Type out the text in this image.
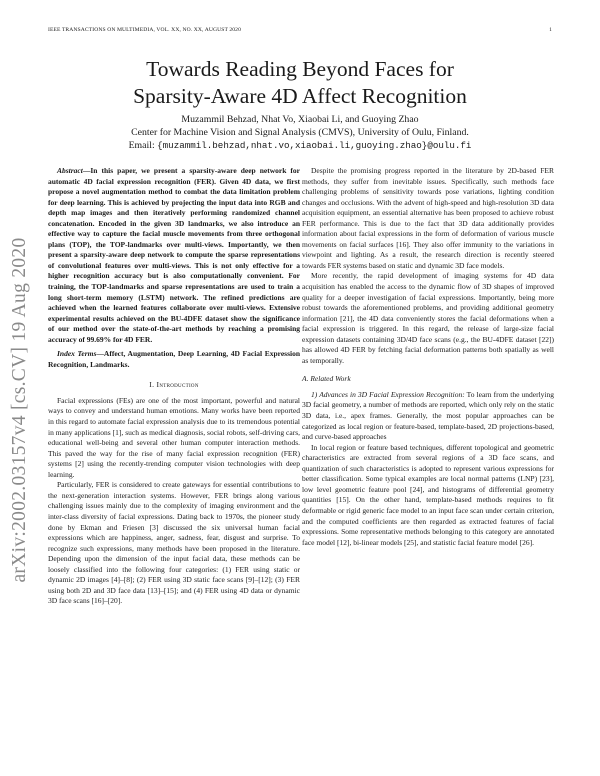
IEEE TRANSACTIONS ON MULTIMEDIA, VOL. XX, NO. XX, AUGUST 2020	1
arXiv:2002.03157v4 [cs.CV] 19 Aug 2020
Towards Reading Beyond Faces for
Sparsity-Aware 4D Affect Recognition
Muzammil Behzad, Nhat Vo, Xiaobai Li, and Guoying Zhao
Center for Machine Vision and Signal Analysis (CMVS), University of Oulu, Finland.
Email: {muzammil.behzad,nhat.vo,xiaobai.li,guoying.zhao}@oulu.fi

Abstract—In this paper, we present a sparsity-aware deep network for automatic 4D facial expression recognition (FER). Given 4D data, we first propose a novel augmentation method to combat the data limitation problem for deep learning. This is achieved by projecting the input data into RGB and depth map images and then iteratively performing randomized channel concatenation. Encoded in the given 3D landmarks, we also introduce an effective way to capture the facial muscle movements from three orthogonal plans (TOP), the TOP-landmarks over multi-views. Importantly, we then present a sparsity-aware deep network to compute the sparse representations of convolutional features over multi-views. This is not only effective for a higher recognition accuracy but is also computationally convenient. For training, the TOP-landmarks and sparse representations are used to train a long short-term memory (LSTM) network. The refined predictions are achieved when the learned features collaborate over multi-views. Extensive experimental results achieved on the BU-4DFE dataset show the significance of our method over the state-of-the-art methods by reaching a promising accuracy of 99.69% for 4D FER.

Index Terms—Affect, Augmentation, Deep Learning, 4D Facial Expression Recognition, Landmarks.

I. Introduction

Facial expressions (FEs) are one of the most important, powerful and natural ways to convey and understand human emotions. Many works have been reported in this regard to automate facial expression analysis due to its tremendous potential in many applications [1], such as medical diagnosis, social robots, self-driving cars, educational well-being and several other human computer interaction methods. This paved the way for the rise of many facial expression recognition (FER) systems [2] using the recently-trending computer vision technologies with deep learning.

Particularly, FER is considered to create gateways for essential contributions to the next-generation interaction systems. However, FER brings along various challenging issues mainly due to the complexity of imaging environment and the inter-class diversity of facial expressions. Dating back to 1970s, the pioneer study done by Ekman and Friesen [3] discussed the six universal human facial expressions which are happiness, anger, sadness, fear, disgust and surprise. To recognize such expressions, many methods have been proposed in the literature. Depending upon the dimension of the input facial data, these methods can be loosely classified into the following four categories: (1) FER using static or dynamic 2D images [4]–[8]; (2) FER using 3D static face scans [9]–[12]; (3) FER using both 2D and 3D face data [13]–[15]; and (4) FER using 4D data or dynamic 3D face scans [16]–[20].

Despite the promising progress reported in the literature by 2D-based FER methods, they suffer from inevitable issues. Specifically, such methods face challenging problems of sensitivity towards pose variations, lighting condition changes and occlusions. With the advent of high-speed and high-resolution 3D data acquisition equipment, an essential alternative has been proposed to achieve robust FER performance. This is due to the fact that 3D data additionally provides information about facial expressions in the form of deformation of various muscle movements on facial surfaces [16]. They also offer immunity to the variations in viewpoint and lighting. As a result, the research direction is recently steered towards FER systems based on static and dynamic 3D face models.

More recently, the rapid development of imaging systems for 4D data acquisition has enabled the access to the dynamic flow of 3D shapes of improved quality for a deeper investigation of facial expressions. Importantly, being more robust towards the aforementioned problems, and providing additional geometry information [21], the 4D data conveniently stores the facial deformations when a facial expression is triggered. In this regard, the release of large-size facial expression datasets containing 3D/4D face scans (e.g., the BU-4DFE dataset [22]) has allowed 4D FER by fetching facial deformation patterns both spatially as well as temporally.

A. Related Work

1) Advances in 3D Facial Expression Recognition: To learn from the underlying 3D facial geometry, a number of methods are reported, which only rely on the static 3D data, i.e., apex frames. Generally, the most popular approaches can be categorized as local region or feature-based, template-based, 2D projections-based, and curve-based approaches

In local region or feature based techniques, different topological and geometric characteristics are extracted from several regions of a 3D face scans, and quantization of such characteristics is adopted to represent various expressions for better classification. Some typical examples are local normal patterns (LNP) [23], low level geometric feature pool [24], and histograms of differential geometry quantities [15]. On the other hand, template-based methods requires to fit deformable or rigid generic face model to an input face scan under certain criterion, and the computed coefficients are then regarded as extracted features of facial expressions. Some representative methods belonging to this category are annotated face model [12], bi-linear models [25], and statistic facial feature model [26].
